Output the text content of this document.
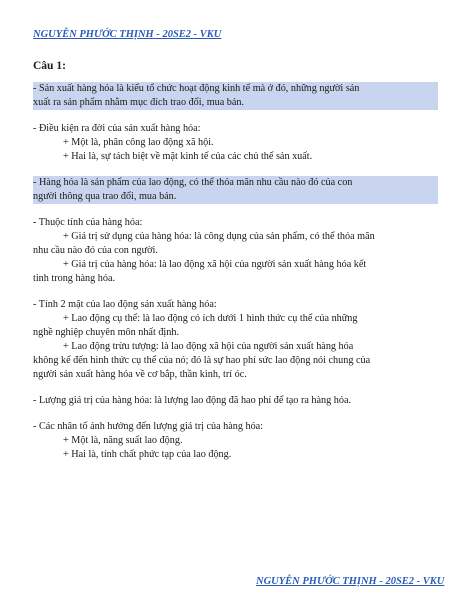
NGUYỄN PHƯỚC THỊNH - 20SE2 - VKU
Câu 1:
- Sản xuất hàng hóa là kiểu tổ chức hoạt động kinh tế mà ở đó, những người sản
xuất ra sản phẩm nhằm mục đích trao đổi, mua bán.
- Điều kiện ra đời của sản xuất hàng hóa:
+ Một là, phân công lao động xã hội.
+ Hai là, sự tách biệt về mặt kinh tế của các chủ thể sản xuất.
- Hàng hóa là sản phẩm của lao động, có thể thỏa mãn nhu cầu nào đó của con
người thông qua trao đổi, mua bán.
- Thuộc tính của hàng hóa:
+ Giá trị sử dụng của hàng hóa: là công dụng của sản phẩm, có thể thỏa mãn
nhu cầu nào đó của con người.
+ Giá trị của hàng hóa: là lao động xã hội của người sản xuất hàng hóa kết
tinh trong hàng hóa.
- Tính 2 mặt của lao động sản xuất hàng hóa:
+ Lao động cụ thể: là lao động có ích dưới 1 hình thức cụ thể của những
nghề nghiệp chuyên môn nhất định.
+ Lao động trừu tượng: là lao động xã hội của người sản xuất hàng hóa
không kể đến hình thức cụ thể của nó; đó là sự hao phí sức lao động nói chung của
người sản xuất hàng hóa về cơ bắp, thần kinh, trí óc.
- Lượng giá trị của hàng hóa: là lượng lao động đã hao phí để tạo ra hàng hóa.
- Các nhân tố ảnh hưởng đến lượng giá trị của hàng hóa:
+ Một là, năng suất lao động.
+ Hai là, tính chất phức tạp của lao động.
NGUYỄN PHƯỚC THỊNH - 20SE2 - VKU
